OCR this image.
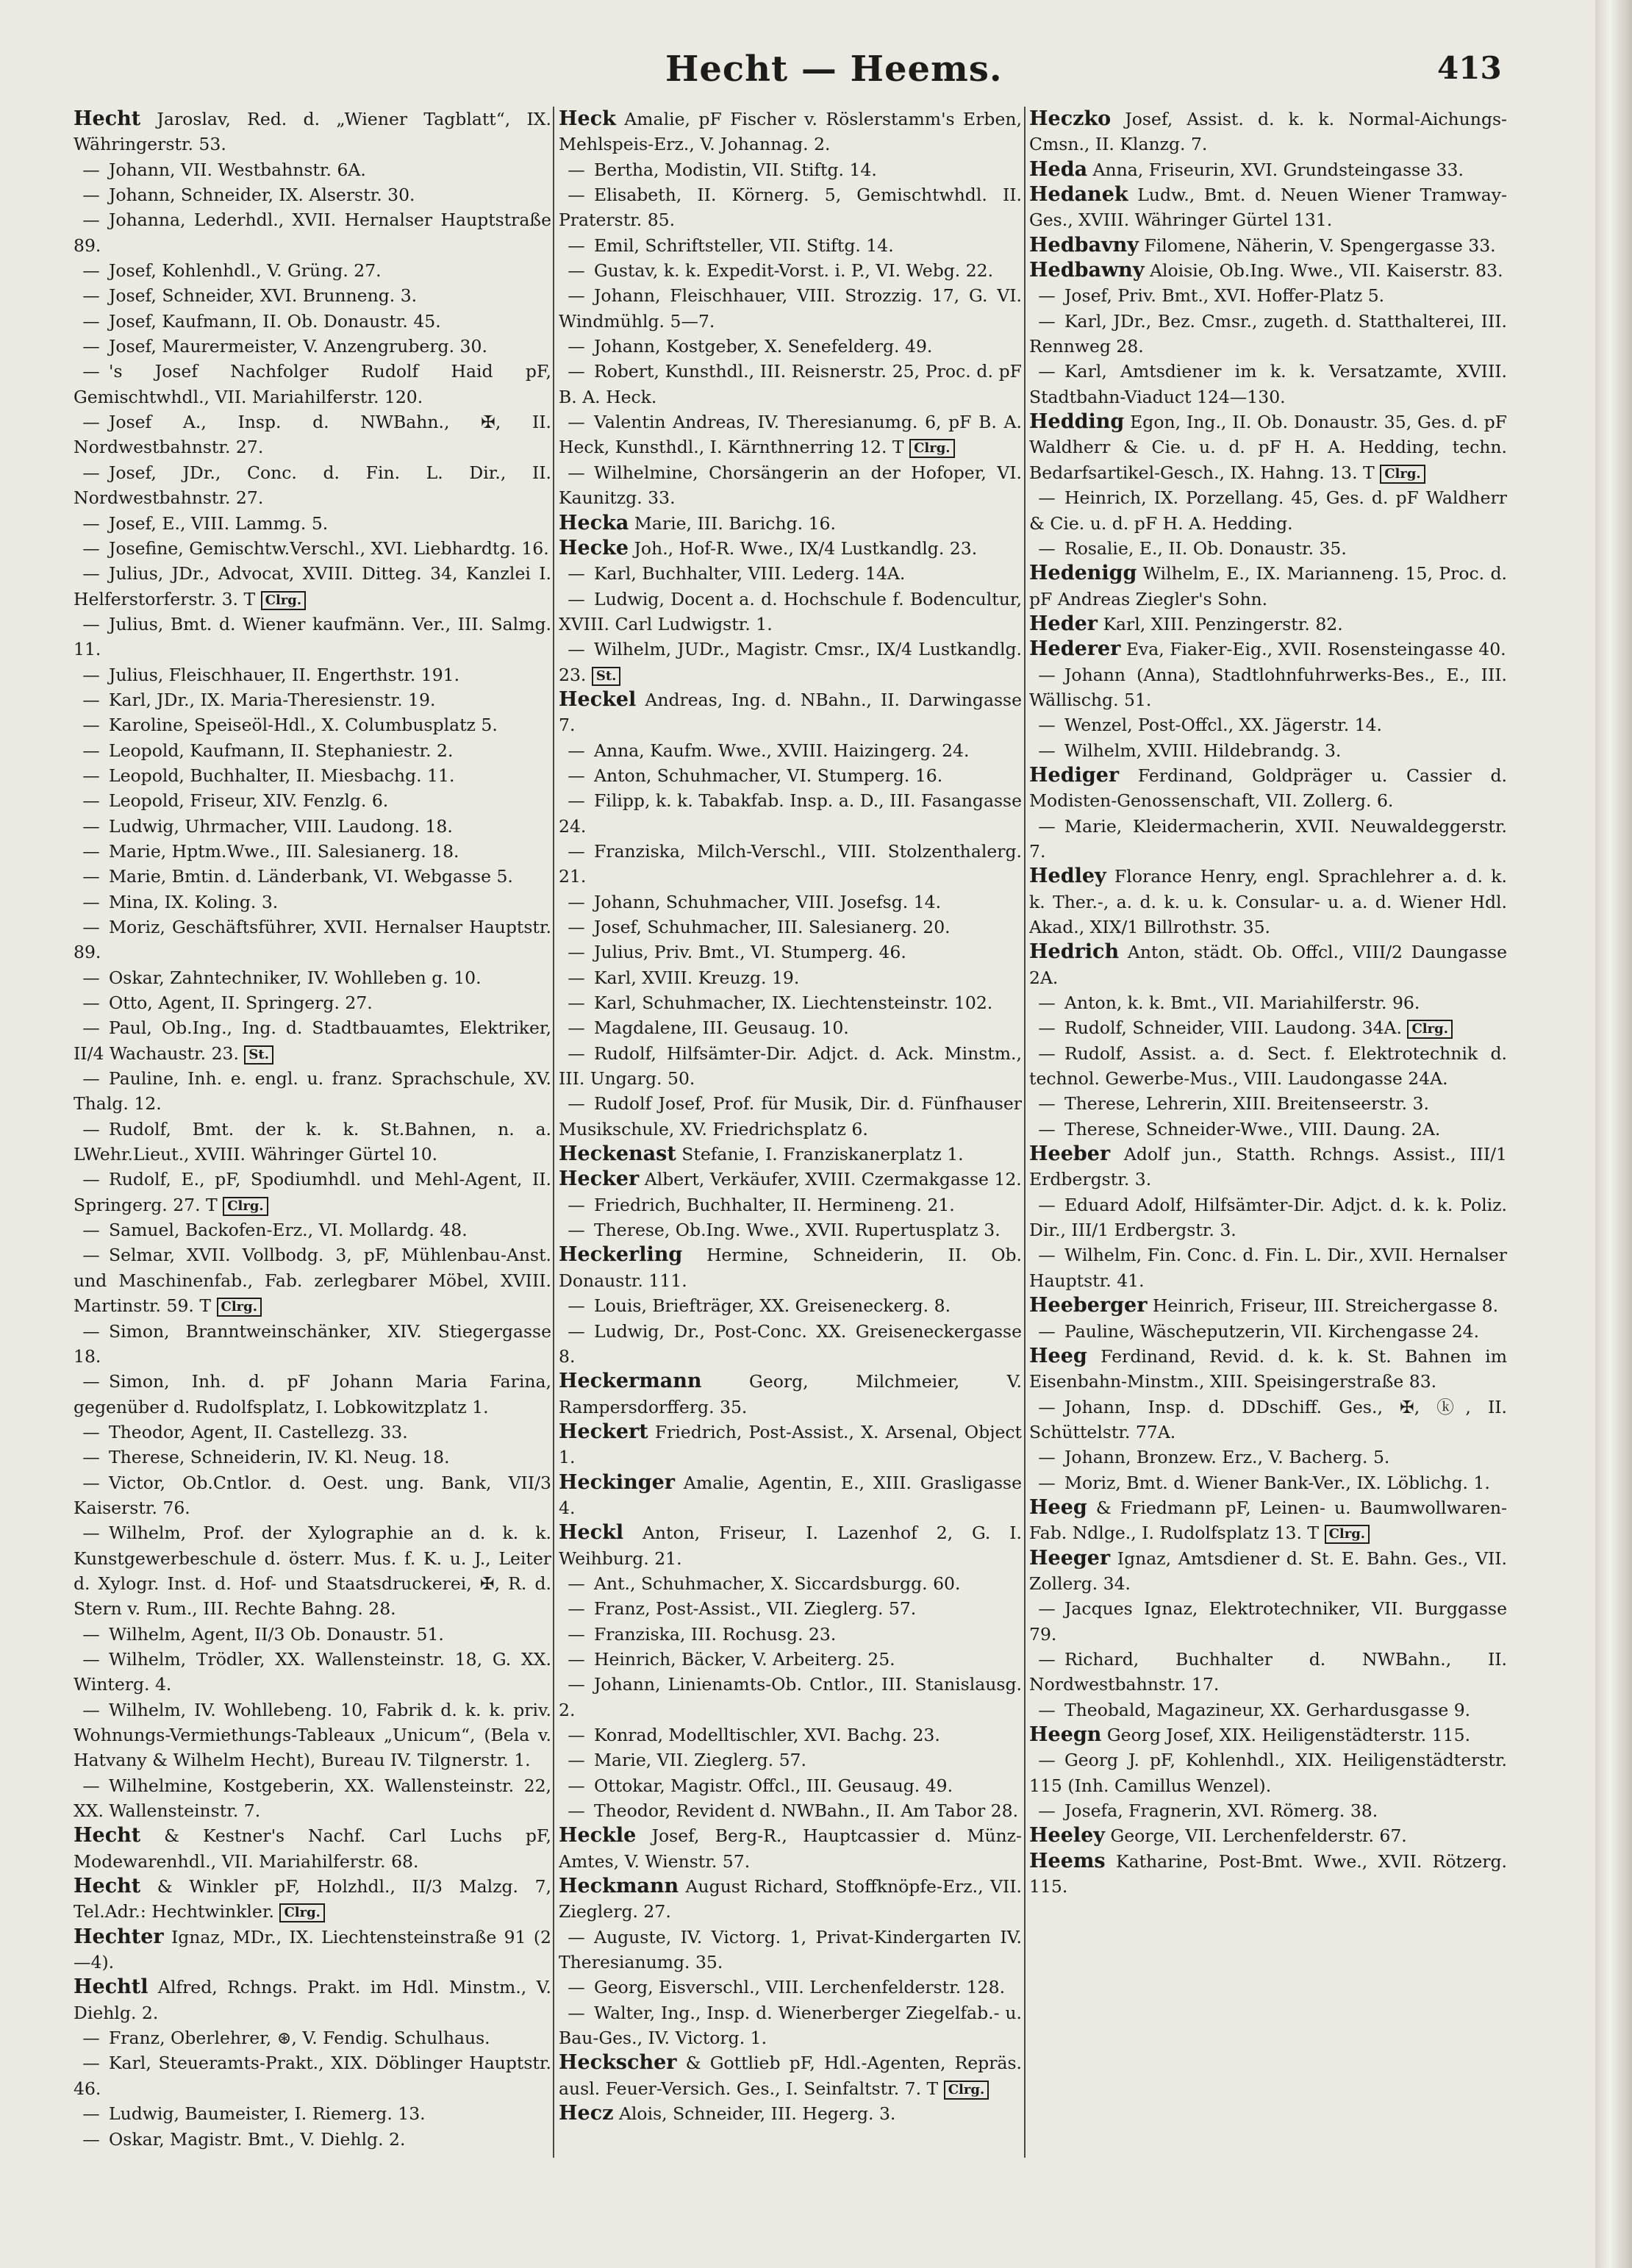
Hecht — Heems.	413
Hecht Jaroslav, Red. d. „Wiener Tagblatt“, IX. Währingerstr. 53.
— Johann, VII. Westbahnstr. 6A.
— Johann, Schneider, IX. Alserstr. 30.
— Johanna, Lederhdl., XVII. Hernalser Hauptstraße 89.
— Josef, Kohlenhdl., V. Grüng. 27.
— Josef, Schneider, XVI. Brunneng. 3.
— Josef, Kaufmann, II. Ob. Donaustr. 45.
— Josef, Maurermeister, V. Anzengruberg. 30.
— 's Josef Nachfolger Rudolf Haid pF, Gemischtwhdl., VII. Mariahilferstr. 120.
— Josef A., Insp. d. NWBahn., ✠, II. Nordwestbahnstr. 27.
— Josef, JDr., Conc. d. Fin. L. Dir., II. Nordwestbahnstr. 27.
— Josef, E., VIII. Lammg. 5.
— Josefine, Gemischtw.Verschl., XVI. Liebhardtg. 16.
— Julius, JDr., Advocat, XVIII. Ditteg. 34, Kanzlei I. Helferstorferstr. 3. T Clrg.
— Julius, Bmt. d. Wiener kaufmänn. Ver., III. Salmg. 11.
— Julius, Fleischhauer, II. Engerthstr. 191.
— Karl, JDr., IX. Maria-Theresienstr. 19.
— Karoline, Speiseöl-Hdl., X. Columbusplatz 5.
— Leopold, Kaufmann, II. Stephaniestr. 2.
— Leopold, Buchhalter, II. Miesbachg. 11.
— Leopold, Friseur, XIV. Fenzlg. 6.
— Ludwig, Uhrmacher, VIII. Laudong. 18.
— Marie, Hptm.Wwe., III. Salesianerg. 18.
— Marie, Bmtin. d. Länderbank, VI. Webgasse 5.
— Mina, IX. Koling. 3.
— Moriz, Geschäftsführer, XVII. Hernalser Hauptstr. 89.
— Oskar, Zahntechniker, IV. Wohlleben g. 10.
— Otto, Agent, II. Springerg. 27.
— Paul, Ob.Ing., Ing. d. Stadtbauamtes, Elektriker, II/4 Wachaustr. 23. St.
— Pauline, Inh. e. engl. u. franz. Sprachschule, XV. Thalg. 12.
— Rudolf, Bmt. der k. k. St.Bahnen, n. a. LWehr.Lieut., XVIII. Währinger Gürtel 10.
— Rudolf, E., pF, Spodiumhdl. und Mehl-Agent, II. Springerg. 27. T Clrg.
— Samuel, Backofen-Erz., VI. Mollardg. 48.
— Selmar, XVII. Vollbodg. 3, pF, Mühlenbau-Anst. und Maschinenfab., Fab. zerlegbarer Möbel, XVIII. Martinstr. 59. T Clrg.
— Simon, Branntweinschänker, XIV. Stiegergasse 18.
— Simon, Inh. d. pF Johann Maria Farina, gegenüber d. Rudolfsplatz, I. Lobkowitzplatz 1.
— Theodor, Agent, II. Castellezg. 33.
— Therese, Schneiderin, IV. Kl. Neug. 18.
— Victor, Ob.Cntlor. d. Oest. ung. Bank, VII/3 Kaiserstr. 76.
— Wilhelm, Prof. der Xylographie an d. k. k. Kunstgewerbeschule d. österr. Mus. f. K. u. J., Leiter d. Xylogr. Inst. d. Hof- und Staatsdruckerei, ✠, R. d. Stern v. Rum., III. Rechte Bahng. 28.
— Wilhelm, Agent, II/3 Ob. Donaustr. 51.
— Wilhelm, Trödler, XX. Wallensteinstr. 18, G. XX. Winterg. 4.
— Wilhelm, IV. Wohllebeng. 10, Fabrik d. k. k. priv. Wohnungs-Vermiethungs-Tableaux „Unicum“, (Bela v. Hatvany & Wilhelm Hecht), Bureau IV. Tilgnerstr. 1.
— Wilhelmine, Kostgeberin, XX. Wallensteinstr. 22, XX. Wallensteinstr. 7.
Hecht & Kestner's Nachf. Carl Luchs pF, Modewarenhdl., VII. Mariahilferstr. 68.
Hecht & Winkler pF, Holzhdl., II/3 Malzg. 7, Tel.Adr.: Hechtwinkler. Clrg.
Hechter Ignaz, MDr., IX. Liechtensteinstraße 91 (2—4).
Hechtl Alfred, Rchngs. Prakt. im Hdl. Minstm., V. Diehlg. 2.
— Franz, Oberlehrer, ⊛, V. Fendig. Schulhaus.
— Karl, Steueramts-Prakt., XIX. Döblinger Hauptstr. 46.
— Ludwig, Baumeister, I. Riemerg. 13.
— Oskar, Magistr. Bmt., V. Diehlg. 2.
Heck Amalie, pF Fischer v. Röslerstamm's Erben, Mehlspeis-Erz., V. Johannag. 2.
— Bertha, Modistin, VII. Stiftg. 14.
— Elisabeth, II. Körnerg. 5, Gemischtwhdl. II. Praterstr. 85.
— Emil, Schriftsteller, VII. Stiftg. 14.
— Gustav, k. k. Expedit-Vorst. i. P., VI. Webg. 22.
— Johann, Fleischhauer, VIII. Strozzig. 17, G. VI. Windmühlg. 5—7.
— Johann, Kostgeber, X. Senefelderg. 49.
— Robert, Kunsthdl., III. Reisnerstr. 25, Proc. d. pF B. A. Heck.
— Valentin Andreas, IV. Theresianumg. 6, pF B. A. Heck, Kunsthdl., I. Kärnthnerring 12. T Clrg.
— Wilhelmine, Chorsängerin an der Hofoper, VI. Kaunitzg. 33.
Hecka Marie, III. Barichg. 16.
Hecke Joh., Hof-R. Wwe., IX/4 Lustkandlg. 23.
— Karl, Buchhalter, VIII. Lederg. 14A.
— Ludwig, Docent a. d. Hochschule f. Bodencultur, XVIII. Carl Ludwigstr. 1.
— Wilhelm, JUDr., Magistr. Cmsr., IX/4 Lustkandlg. 23. St.
Heckel Andreas, Ing. d. NBahn., II. Darwingasse 7.
— Anna, Kaufm. Wwe., XVIII. Haizingerg. 24.
— Anton, Schuhmacher, VI. Stumperg. 16.
— Filipp, k. k. Tabakfab. Insp. a. D., III. Fasangasse 24.
— Franziska, Milch-Verschl., VIII. Stolzenthalerg. 21.
— Johann, Schuhmacher, VIII. Josefsg. 14.
— Josef, Schuhmacher, III. Salesianerg. 20.
— Julius, Priv. Bmt., VI. Stumperg. 46.
— Karl, XVIII. Kreuzg. 19.
— Karl, Schuhmacher, IX. Liechtensteinstr. 102.
— Magdalene, III. Geusaug. 10.
— Rudolf, Hilfsämter-Dir. Adjct. d. Ack. Minstm., III. Ungarg. 50.
— Rudolf Josef, Prof. für Musik, Dir. d. Fünfhauser Musikschule, XV. Friedrichsplatz 6.
Heckenast Stefanie, I. Franziskanerplatz 1.
Hecker Albert, Verkäufer, XVIII. Czermakgasse 12.
— Friedrich, Buchhalter, II. Hermineng. 21.
— Therese, Ob.Ing. Wwe., XVII. Rupertusplatz 3.
Heckerling Hermine, Schneiderin, II. Ob. Donaustr. 111.
— Louis, Briefträger, XX. Greiseneckerg. 8.
— Ludwig, Dr., Post-Conc. XX. Greiseneckergasse 8.
Heckermann Georg, Milchmeier, V. Rampersdorfferg. 35.
Heckert Friedrich, Post-Assist., X. Arsenal, Object 1.
Heckinger Amalie, Agentin, E., XIII. Grasligasse 4.
Heckl Anton, Friseur, I. Lazenhof 2, G. I. Weihburg. 21.
— Ant., Schuhmacher, X. Siccardsburgg. 60.
— Franz, Post-Assist., VII. Zieglerg. 57.
— Franziska, III. Rochusg. 23.
— Heinrich, Bäcker, V. Arbeiterg. 25.
— Johann, Linienamts-Ob. Cntlor., III. Stanislausg. 2.
— Konrad, Modelltischler, XVI. Bachg. 23.
— Marie, VII. Zieglerg. 57.
— Ottokar, Magistr. Offcl., III. Geusaug. 49.
— Theodor, Revident d. NWBahn., II. Am Tabor 28.
Heckle Josef, Berg-R., Hauptcassier d. Münz-Amtes, V. Wienstr. 57.
Heckmann August Richard, Stoffknöpfe-Erz., VII. Zieglerg. 27.
— Auguste, IV. Victorg. 1, Privat-Kindergarten IV. Theresianumg. 35.
— Georg, Eisverschl., VIII. Lerchenfelderstr. 128.
— Walter, Ing., Insp. d. Wienerberger Ziegelfab.- u. Bau-Ges., IV. Victorg. 1.
Heckscher & Gottlieb pF, Hdl.-Agenten, Repräs. ausl. Feuer-Versich. Ges., I. Seinfaltstr. 7. T Clrg.
Hecz Alois, Schneider, III. Hegerg. 3.
Heczko Josef, Assist. d. k. k. Normal-Aichungs-Cmsn., II. Klanzg. 7.
Heda Anna, Friseurin, XVI. Grundsteingasse 33.
Hedanek Ludw., Bmt. d. Neuen Wiener Tramway-Ges., XVIII. Währinger Gürtel 131.
Hedbavny Filomene, Näherin, V. Spengergasse 33.
Hedbawny Aloisie, Ob.Ing. Wwe., VII. Kaiserstr. 83.
— Josef, Priv. Bmt., XVI. Hoffer-Platz 5.
— Karl, JDr., Bez. Cmsr., zugeth. d. Statthalterei, III. Rennweg 28.
— Karl, Amtsdiener im k. k. Versatzamte, XVIII. Stadtbahn-Viaduct 124—130.
Hedding Egon, Ing., II. Ob. Donaustr. 35, Ges. d. pF Waldherr & Cie. u. d. pF H. A. Hedding, techn. Bedarfsartikel-Gesch., IX. Hahng. 13. T Clrg.
— Heinrich, IX. Porzellang. 45, Ges. d. pF Waldherr & Cie. u. d. pF H. A. Hedding.
— Rosalie, E., II. Ob. Donaustr. 35.
Hedenigg Wilhelm, E., IX. Marianneng. 15, Proc. d. pF Andreas Ziegler's Sohn.
Heder Karl, XIII. Penzingerstr. 82.
Hederer Eva, Fiaker-Eig., XVII. Rosensteingasse 40.
— Johann (Anna), Stadtlohnfuhrwerks-Bes., E., III. Wällischg. 51.
— Wenzel, Post-Offcl., XX. Jägerstr. 14.
— Wilhelm, XVIII. Hildebrandg. 3.
Hediger Ferdinand, Goldpräger u. Cassier d. Modisten-Genossenschaft, VII. Zollerg. 6.
— Marie, Kleidermacherin, XVII. Neuwaldeggerstr. 7.
Hedley Florance Henry, engl. Sprachlehrer a. d. k. k. Ther.-, a. d. k. u. k. Consular- u. a. d. Wiener Hdl. Akad., XIX/1 Billrothstr. 35.
Hedrich Anton, städt. Ob. Offcl., VIII/2 Daungasse 2A.
— Anton, k. k. Bmt., VII. Mariahilferstr. 96.
— Rudolf, Schneider, VIII. Laudong. 34A. Clrg.
— Rudolf, Assist. a. d. Sect. f. Elektrotechnik d. technol. Gewerbe-Mus., VIII. Laudongasse 24A.
— Therese, Lehrerin, XIII. Breitenseerstr. 3.
— Therese, Schneider-Wwe., VIII. Daung. 2A.
Heeber Adolf jun., Statth. Rchngs. Assist., III/1 Erdbergstr. 3.
— Eduard Adolf, Hilfsämter-Dir. Adjct. d. k. k. Poliz. Dir., III/1 Erdbergstr. 3.
— Wilhelm, Fin. Conc. d. Fin. L. Dir., XVII. Hernalser Hauptstr. 41.
Heeberger Heinrich, Friseur, III. Streichergasse 8.
— Pauline, Wäscheputzerin, VII. Kirchengasse 24.
Heeg Ferdinand, Revid. d. k. k. St. Bahnen im Eisenbahn-Minstm., XIII. Speisingerstraße 83.
— Johann, Insp. d. DDschiff. Ges., ✠, ⓚ, II. Schüttelstr. 77A.
— Johann, Bronzew. Erz., V. Bacherg. 5.
— Moriz, Bmt. d. Wiener Bank-Ver., IX. Löblichg. 1.
Heeg & Friedmann pF, Leinen- u. Baumwollwaren-Fab. Ndlge., I. Rudolfsplatz 13. T Clrg.
Heeger Ignaz, Amtsdiener d. St. E. Bahn. Ges., VII. Zollerg. 34.
— Jacques Ignaz, Elektrotechniker, VII. Burggasse 79.
— Richard, Buchhalter d. NWBahn., II. Nordwestbahnstr. 17.
— Theobald, Magazineur, XX. Gerhardusgasse 9.
Heegn Georg Josef, XIX. Heiligenstädterstr. 115.
— Georg J. pF, Kohlenhdl., XIX. Heiligenstädterstr. 115 (Inh. Camillus Wenzel).
— Josefa, Fragnerin, XVI. Römerg. 38.
Heeley George, VII. Lerchenfelderstr. 67.
Heems Katharine, Post-Bmt. Wwe., XVII. Rötzerg. 115.
